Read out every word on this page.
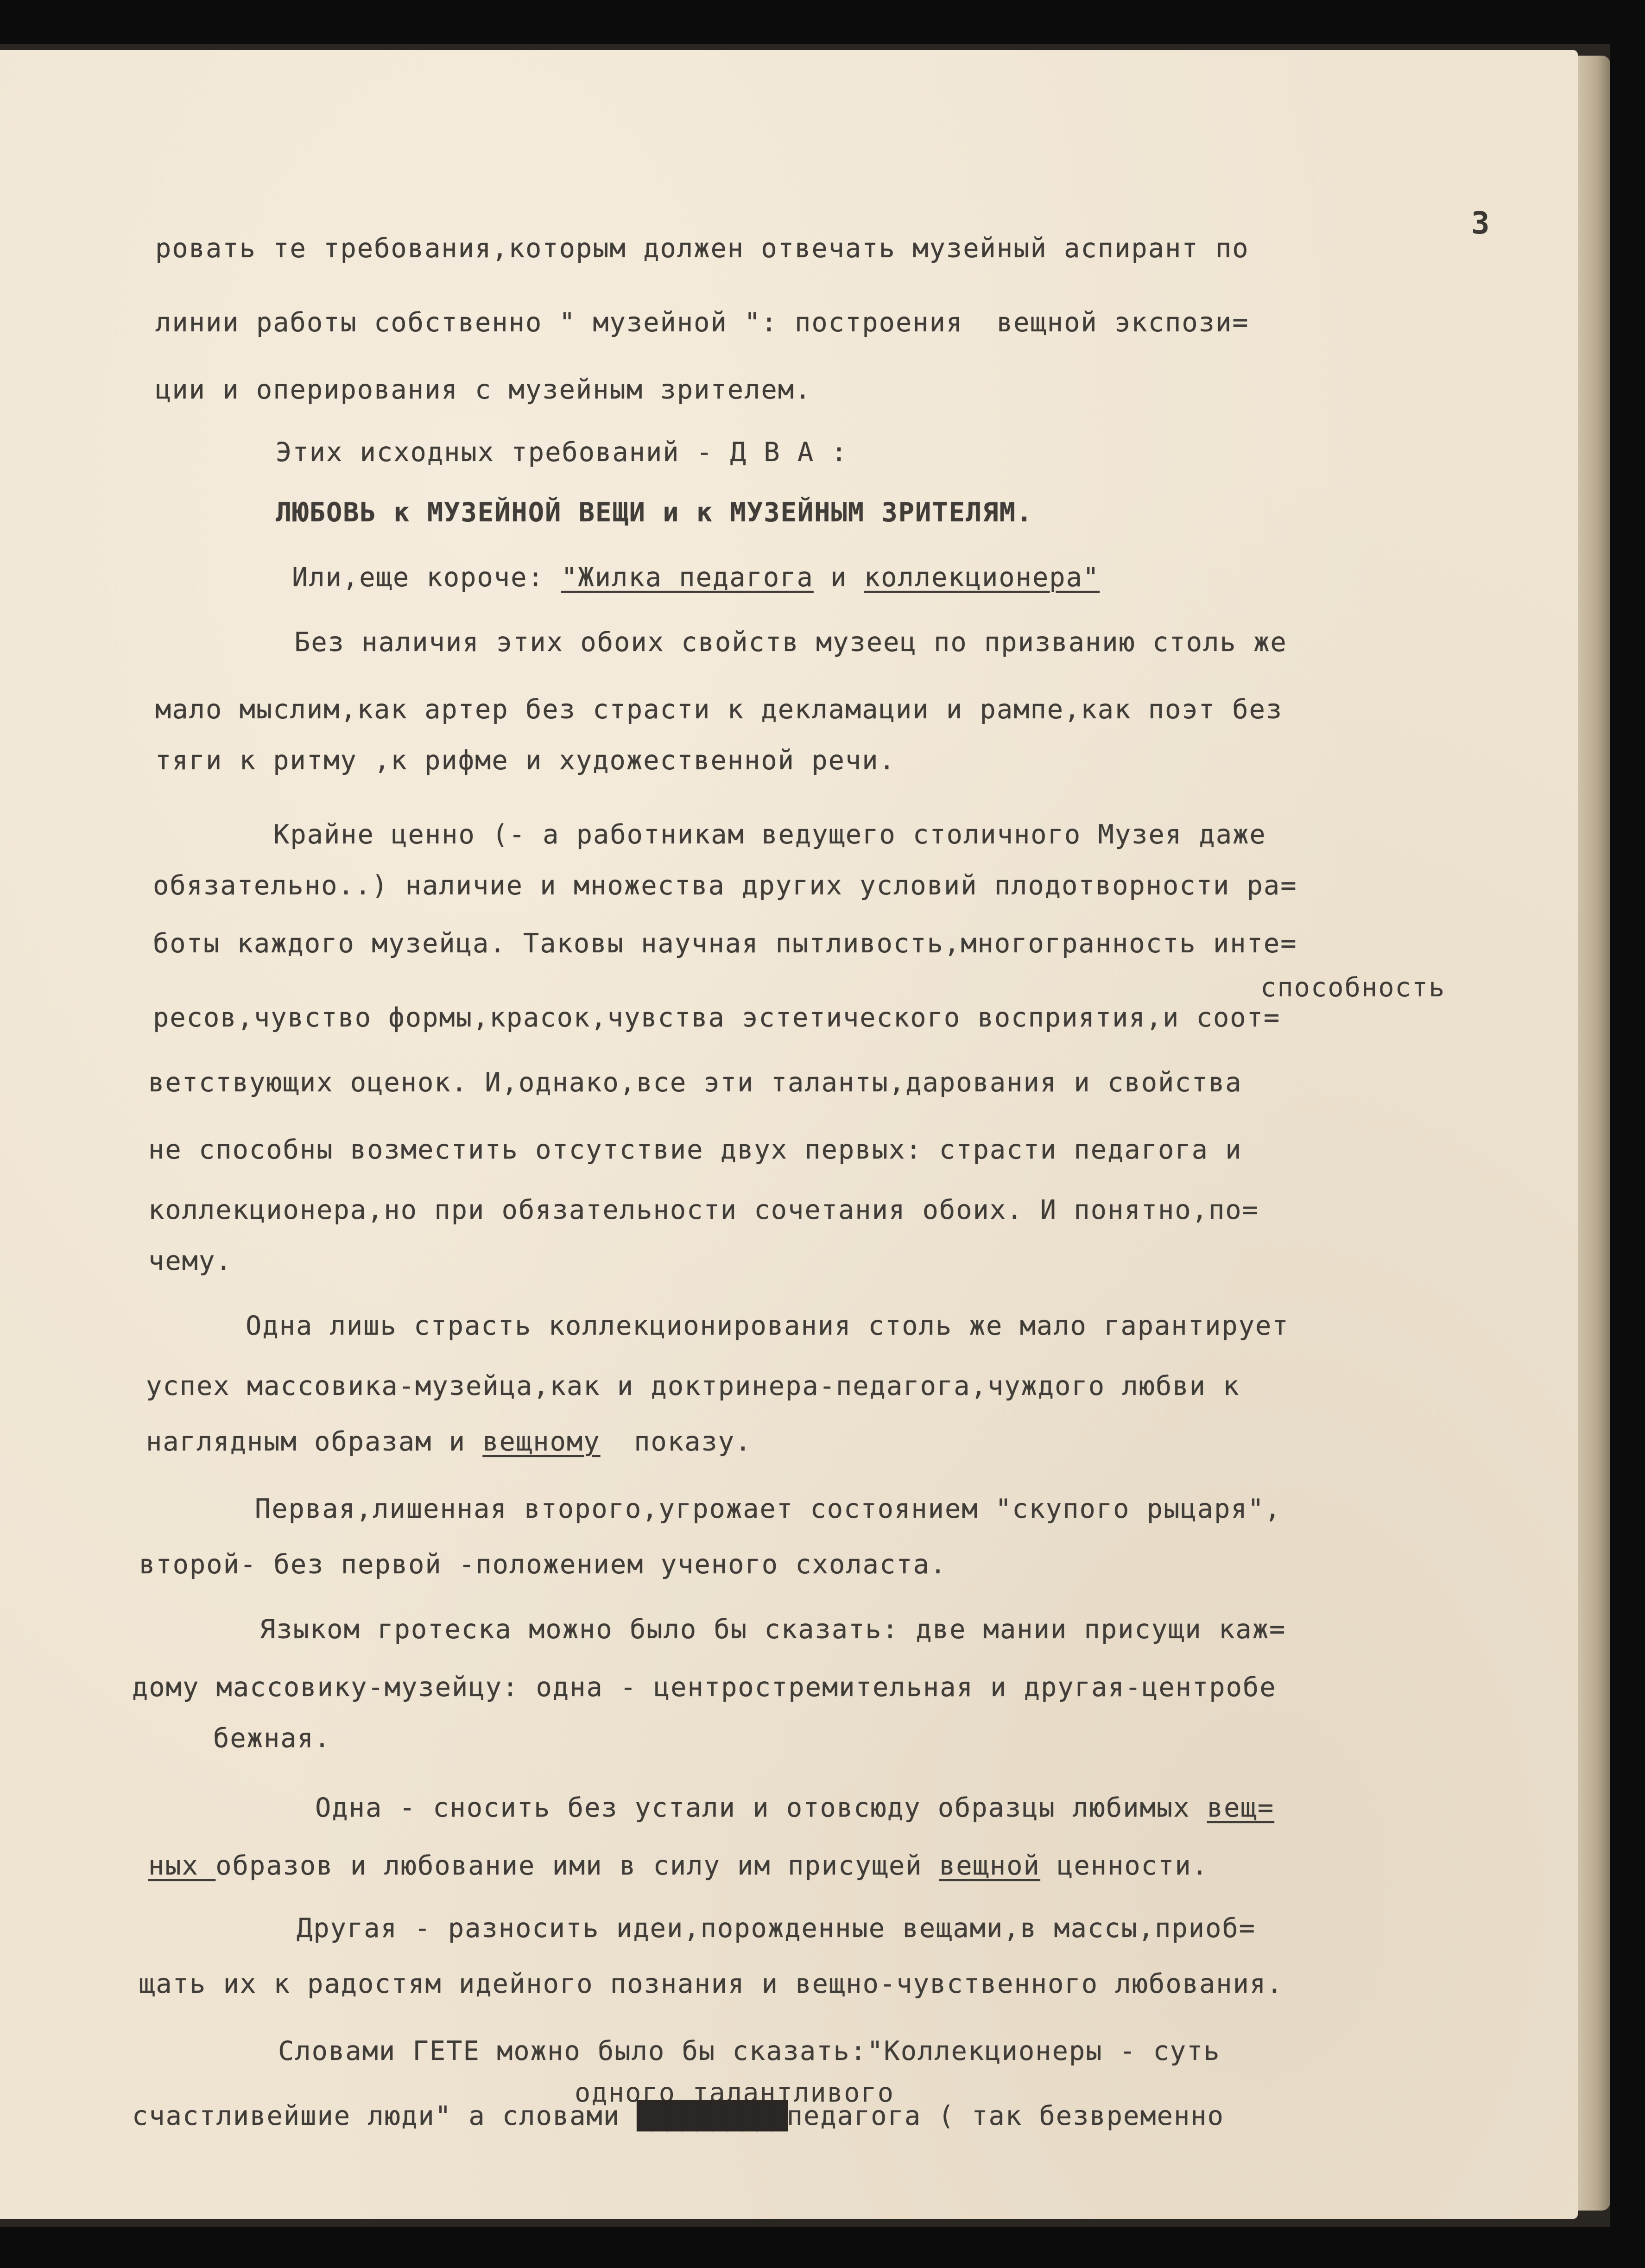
3
ровать те требования,которым должен отвечать музейный аспирант по
линии работы собственно " музейной ": построения  вещной экспози=
ции и оперирования с музейным зрителем.
Этих исходных требований - Д В А :
ЛЮБОВЬ к МУЗЕЙНОЙ ВЕЩИ и к МУЗЕЙНЫМ ЗРИТЕЛЯМ.
Или,еще короче: "Жилка педагога и коллекционера"
Без наличия этих обоих свойств музеец по призванию столь же
мало мыслим,как артер без страсти к декламации и рампе,как поэт без
тяги к ритму ,к рифме и художественной речи.
Крайне ценно (- а работникам ведущего столичного Музея даже
обязательно..) наличие и множества других условий плодотворности ра=
боты каждого музейца. Таковы научная пытливость,многогранность инте=
способность
ресов,чувство формы,красок,чувства эстетического восприятия,и соот=
ветствующих оценок. И,однако,все эти таланты,дарования и свойства
не способны возместить отсутствие двух первых: страсти педагога и
коллекционера,но при обязательности сочетания обоих. И понятно,по=
чему.
Одна лишь страсть коллекционирования столь же мало гарантирует
успех массовика-музейца,как и доктринера-педагога,чуждого любви к
наглядным образам и вещному  показу.
Первая,лишенная второго,угрожает состоянием "скупого рыцаря",
второй- без первой -положением ученого схоласта.
Языком гротеска можно было бы сказать: две мании присущи каж=
дому массовику-музейцу: одна - центростремительная и другая-центробе
бежная.
Одна - сносить без устали и отовсюду образцы любимых вещ=
ных образов и любование ими в силу им присущей вещной ценности.
Другая - разносить идеи,порожденные вещами,в массы,приоб=
щать их к радостям идейного познания и вещно-чувственного любования.
Словами ГЕТЕ можно было бы сказать:"Коллекционеры - суть
одного талантливого
счастливейшие люди" а словами ██████████педагога ( так безвременно
